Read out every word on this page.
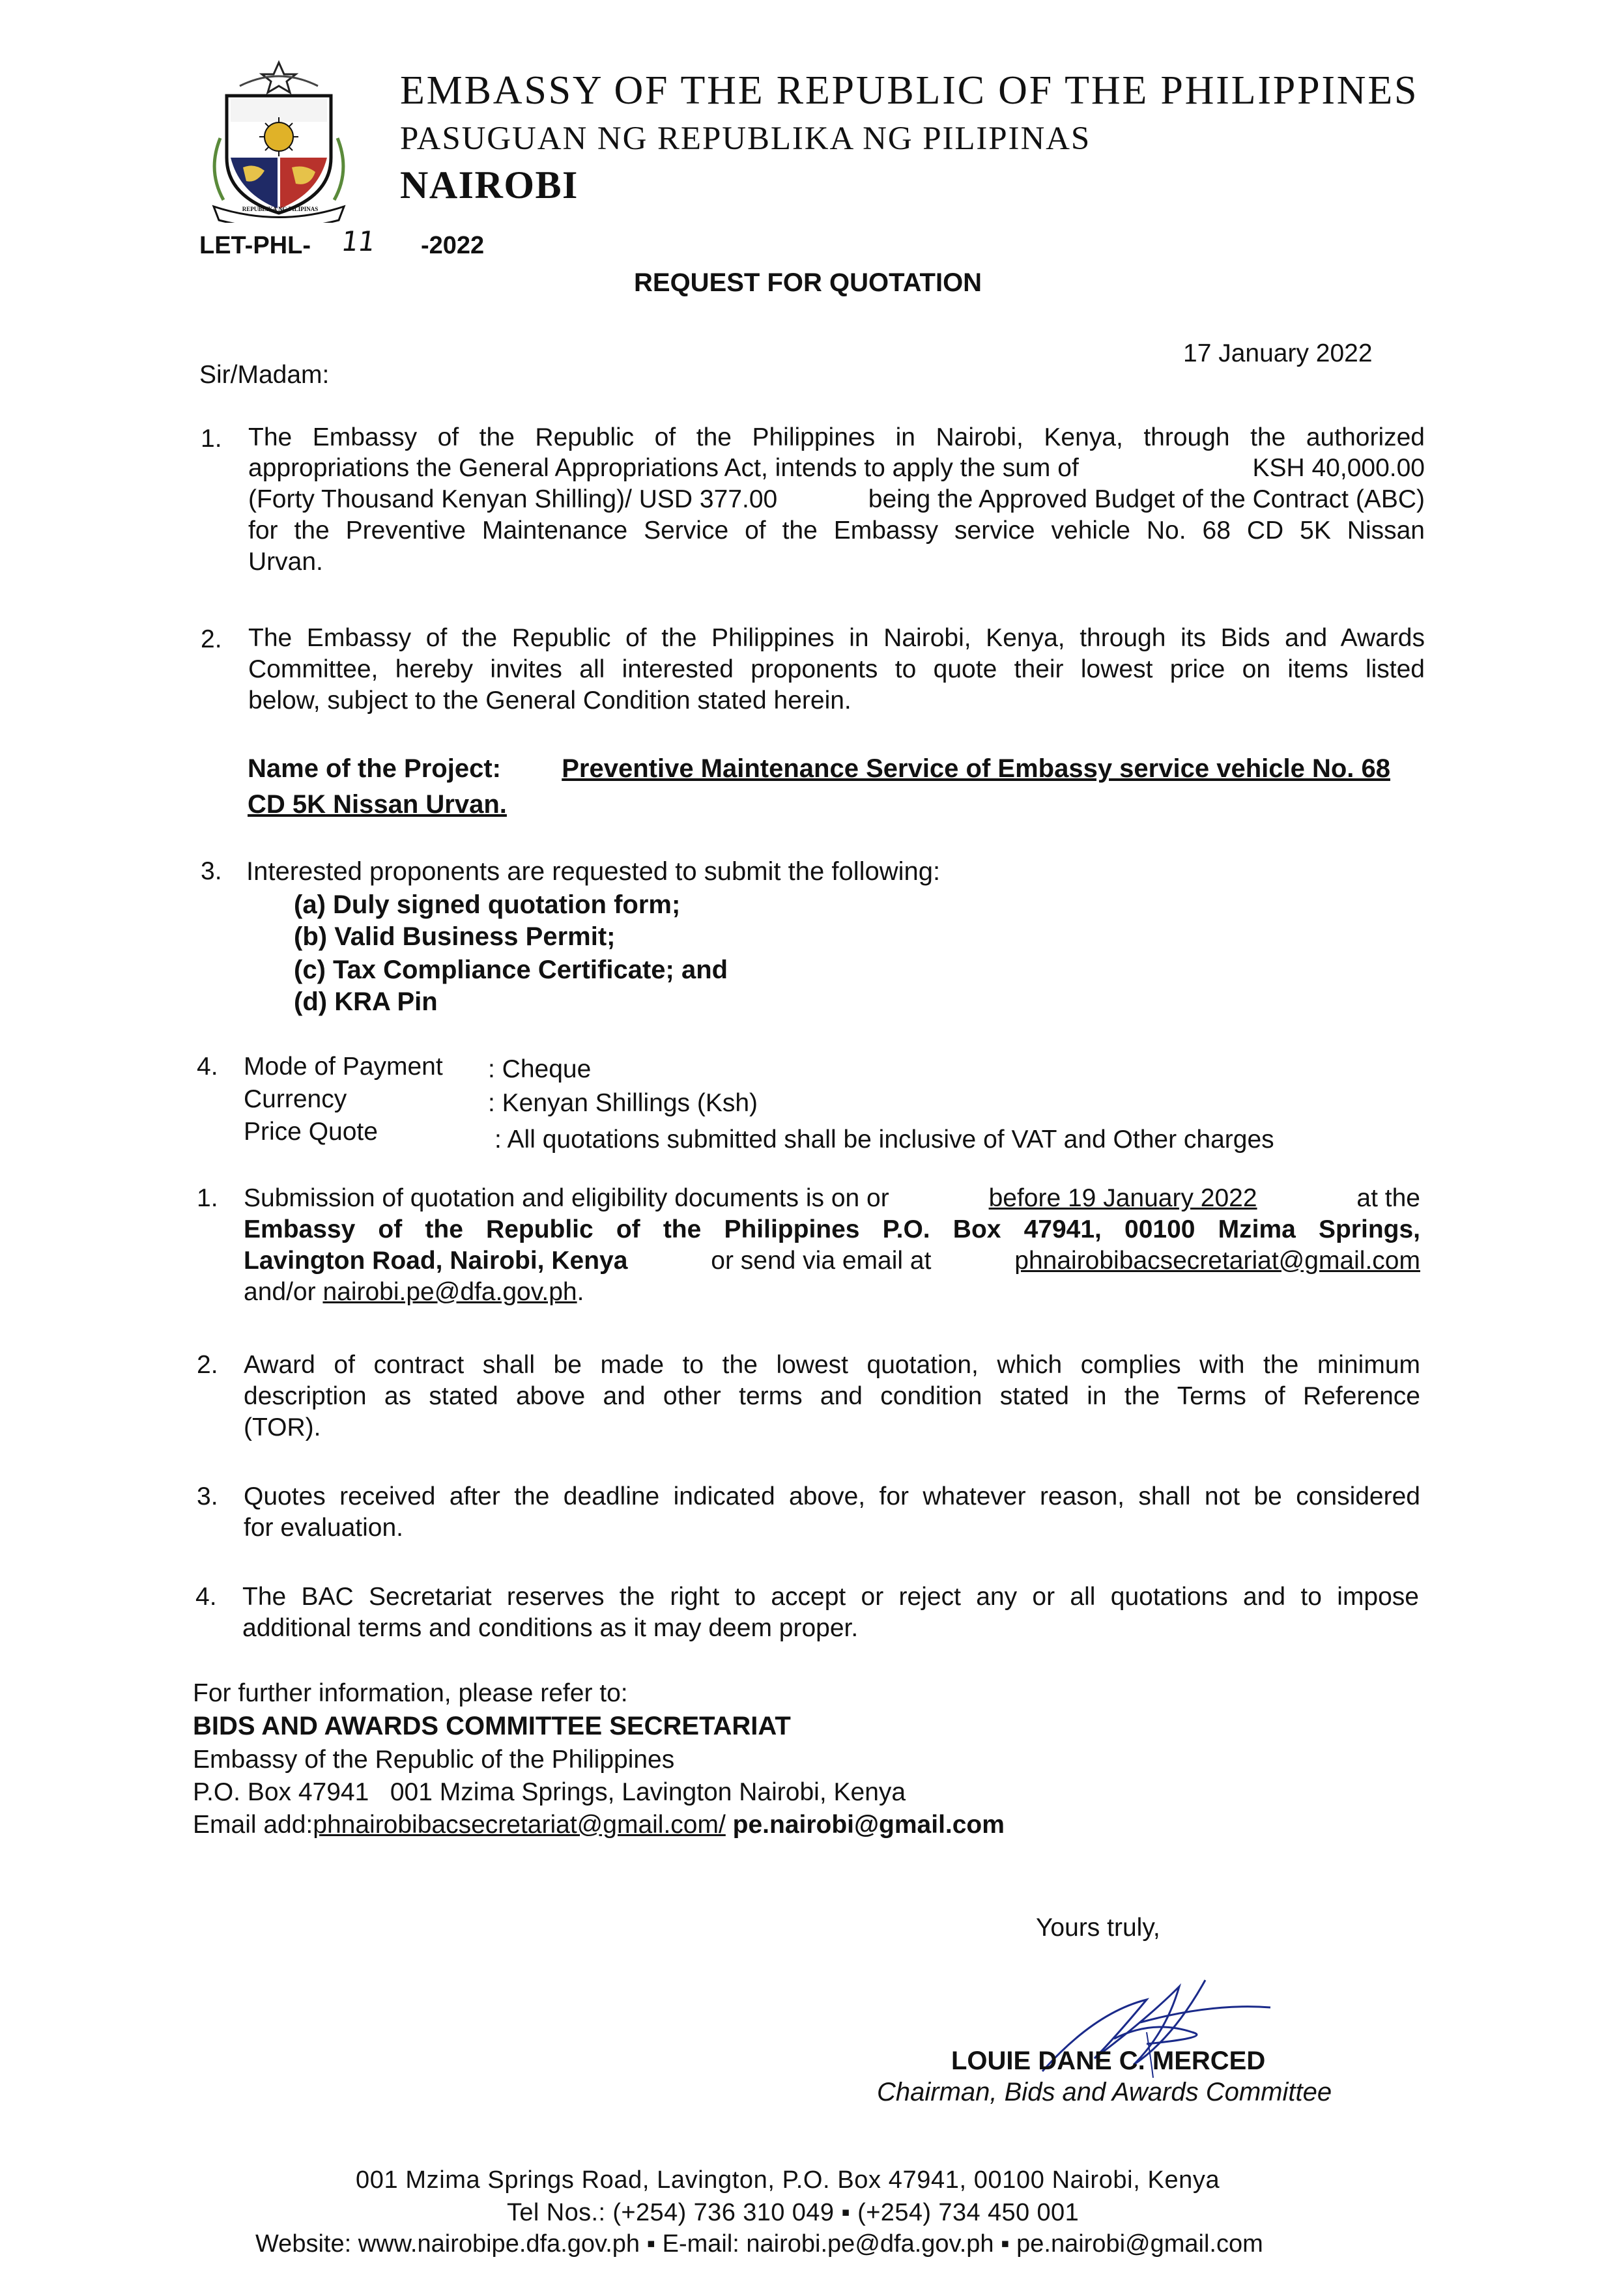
REPUBLIKA NG PILIPINAS
EMBASSY OF THE REPUBLIC OF THE PHILIPPINES
PASUGUAN NG REPUBLIKA NG PILIPINAS
NAIROBI
LET-PHL- 11 -2022
REQUEST FOR QUOTATION
17 January 2022
Sir/Madam:
1. The Embassy of the Republic of the Philippines in Nairobi, Kenya, through the authorized
appropriations the General Appropriations Act, intends to apply the sum of	KSH 40,000.00
(Forty Thousand Kenyan Shilling)/ USD 377.00	being the Approved Budget of the Contract (ABC)
for the Preventive Maintenance Service of the Embassy service vehicle No. 68 CD 5K Nissan
Urvan.
2. The Embassy of the Republic of the Philippines in Nairobi, Kenya, through its Bids and Awards
Committee, hereby invites all interested proponents to quote their lowest price on items listed
below, subject to the General Condition stated herein.
Name of the Project: Preventive Maintenance Service of Embassy service vehicle No. 68
CD 5K Nissan Urvan.
3. Interested proponents are requested to submit the following:
(a) Duly signed quotation form;
(b) Valid Business Permit;
(c) Tax Compliance Certificate; and
(d) KRA Pin
4. Mode of Payment : Cheque
Currency	: Kenyan Shillings (Ksh)
Price Quote	: All quotations submitted shall be inclusive of VAT and Other charges
1. Submission of quotation and eligibility documents is on or	before 19 January 2022	at the
Embassy of the Republic of the Philippines P.O. Box 47941, 00100 Mzima Springs,
Lavington Road, Nairobi, Kenya	or send via email at	phnairobibacsecretariat@gmail.com
and/or nairobi.pe@dfa.gov.ph.
2. Award of contract shall be made to the lowest quotation, which complies with the minimum
description as stated above and other terms and condition stated in the Terms of Reference
(TOR).
3. Quotes received after the deadline indicated above, for whatever reason, shall not be considered
for evaluation.
4. The BAC Secretariat reserves the right to accept or reject any or all quotations and to impose
additional terms and conditions as it may deem proper.
For further information, please refer to:
BIDS AND AWARDS COMMITTEE SECRETARIAT
Embassy of the Republic of the Philippines
P.O. Box 47941   001 Mzima Springs, Lavington Nairobi, Kenya
Email add:phnairobibacsecretariat@gmail.com/ pe.nairobi@gmail.com
Yours truly,
LOUIE DANE C. MERCED
Chairman, Bids and Awards Committee
001 Mzima Springs Road, Lavington, P.O. Box 47941, 00100 Nairobi, Kenya
Tel Nos.: (+254) 736 310 049 ▪ (+254) 734 450 001
Website: www.nairobipe.dfa.gov.ph ▪ E-mail: nairobi.pe@dfa.gov.ph ▪ pe.nairobi@gmail.com
